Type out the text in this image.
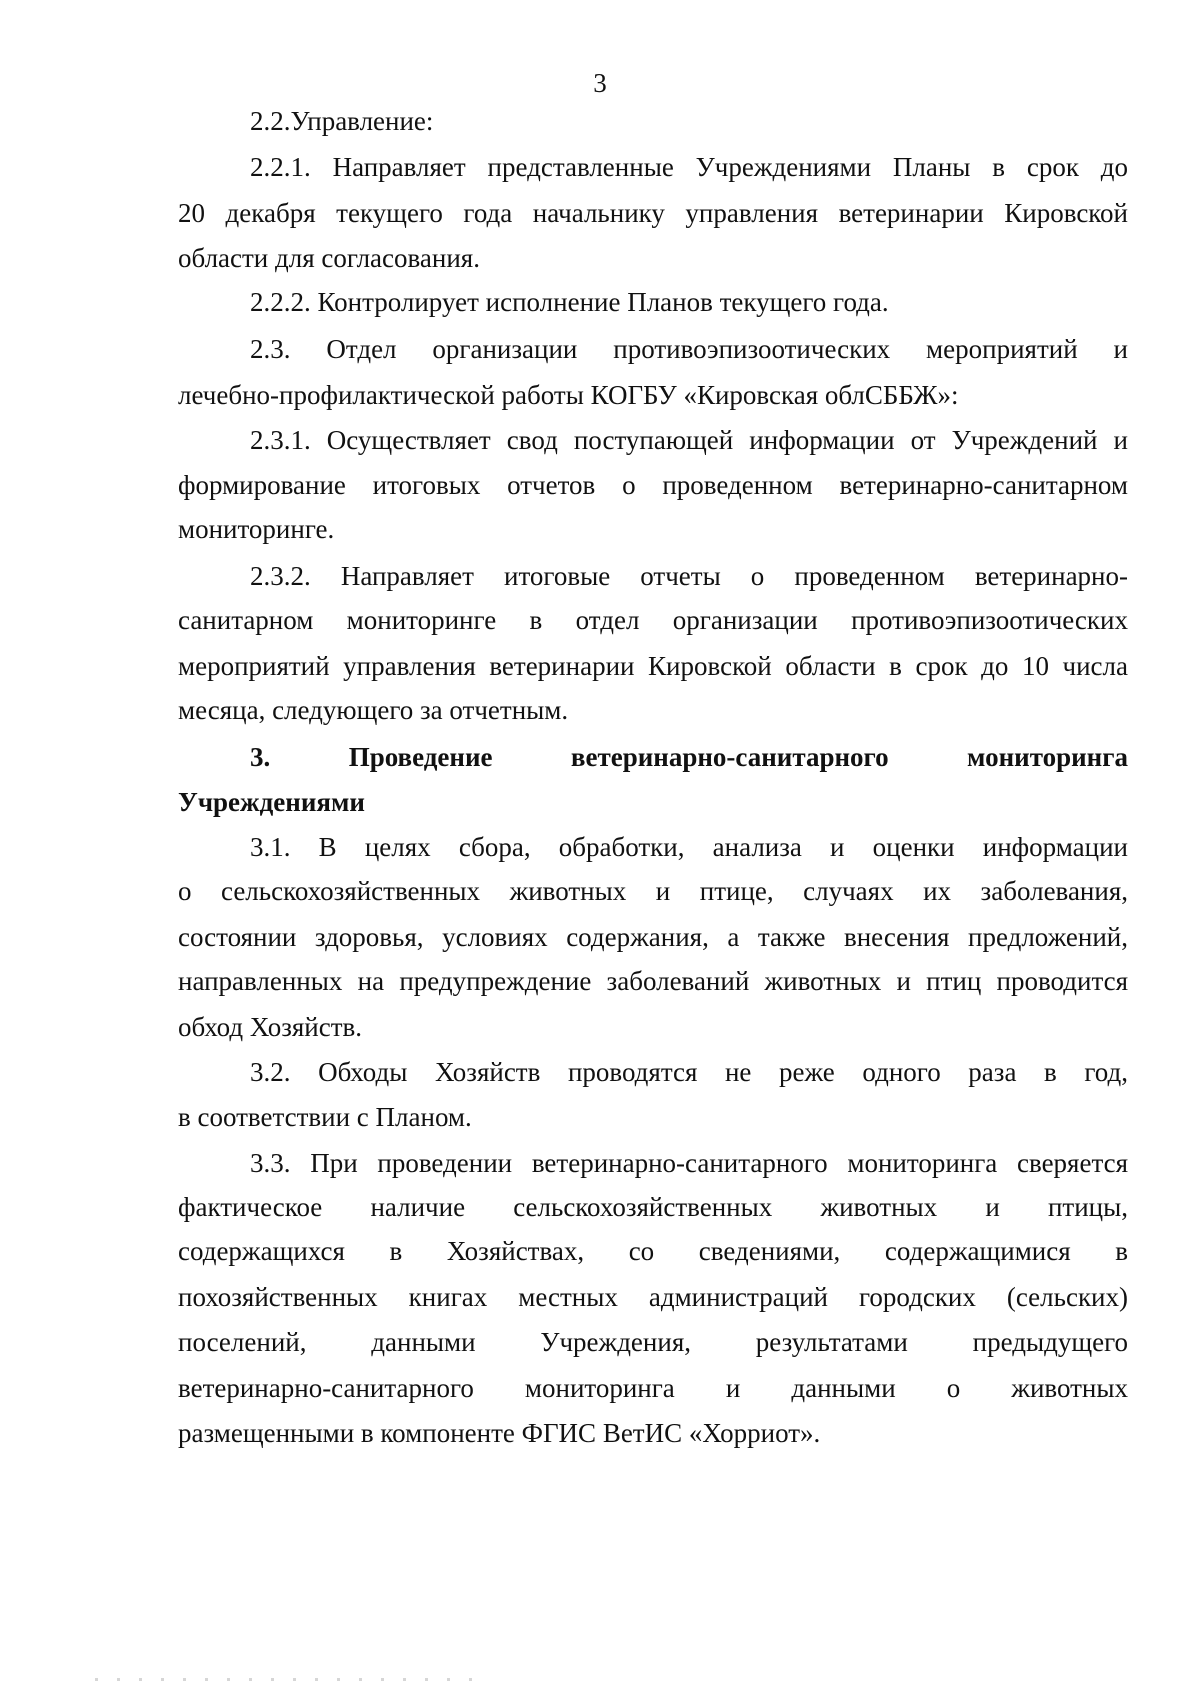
3
2.2.Управление:
2.2.1. Направляет представленные Учреждениями Планы в срок до
20 декабря текущего года начальнику управления ветеринарии Кировской
области для согласования.
2.2.2. Контролирует исполнение Планов текущего года.
2.3. Отдел организации противоэпизоотических мероприятий и
лечебно-профилактической работы КОГБУ «Кировская облСББЖ»:
2.3.1. Осуществляет свод поступающей информации от Учреждений и
формирование итоговых отчетов о проведенном ветеринарно-санитарном
мониторинге.
2.3.2. Направляет итоговые отчеты о проведенном ветеринарно-
санитарном мониторинге в отдел организации противоэпизоотических
мероприятий управления ветеринарии Кировской области в срок до 10 числа
месяца, следующего за отчетным.
3. Проведение ветеринарно-санитарного мониторинга
Учреждениями
3.1. В целях сбора, обработки, анализа и оценки информации
о сельскохозяйственных животных и птице, случаях их заболевания,
состоянии здоровья, условиях содержания, а также внесения предложений,
направленных на предупреждение заболеваний животных и птиц проводится
обход Хозяйств.
3.2. Обходы Хозяйств проводятся не реже одного раза в год,
в соответствии с Планом.
3.3. При проведении ветеринарно-санитарного мониторинга сверяется
фактическое наличие сельскохозяйственных животных и птицы,
содержащихся в Хозяйствах, со сведениями, содержащимися в
похозяйственных книгах местных администраций городских (сельских)
поселений, данными Учреждения, результатами предыдущего
ветеринарно-санитарного мониторинга и данными о животных
размещенными в компоненте ФГИС ВетИС «Хорриот».
